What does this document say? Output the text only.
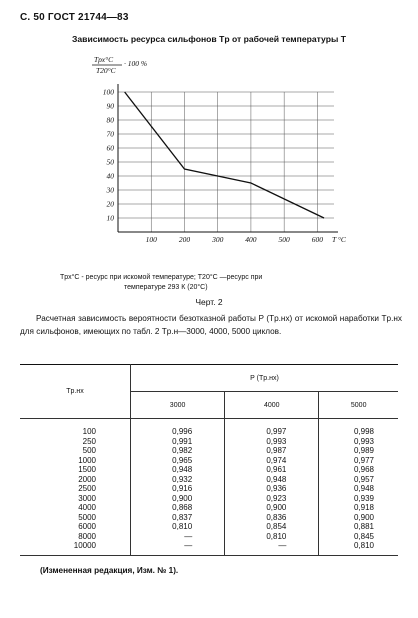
С. 50 ГОСТ 21744—83
Зависимость ресурса сильфонов Tр от рабочей температуры T
100
90
80
70
60
50
40
30
20
10
100	200	300	400	500	600
Tрх°С
T20°С
· 100 %
T °C
Tрх°С - ресурс при искомой температуре; T20°С —ресурс при
температуре 293 К (20°С)
Черт. 2
Расчетная зависимость вероятности безотказной работы P (Tр.нх) от искомой наработки Tр.нх для сильфонов, имеющих по табл. 2 Tр.н—3000, 4000, 5000 циклов.
Tр.нх	P (Tр.нх)		
	3000	4000	5000
100	0,996	0,997	0,998
250	0,991	0,993	0,993
500	0,982	0,987	0,989
1000	0,965	0,974	0,977
1500	0,948	0,961	0,968
2000	0,932	0,948	0,957
2500	0,916	0,936	0,948
3000	0,900	0,923	0,939
4000	0,868	0,900	0,918
5000	0,837	0,836	0,900
6000	0,810	0,854	0,881
8000	—	0,810	0,845
10000	—	—	0,810
(Измененная редакция, Изм. № 1).
